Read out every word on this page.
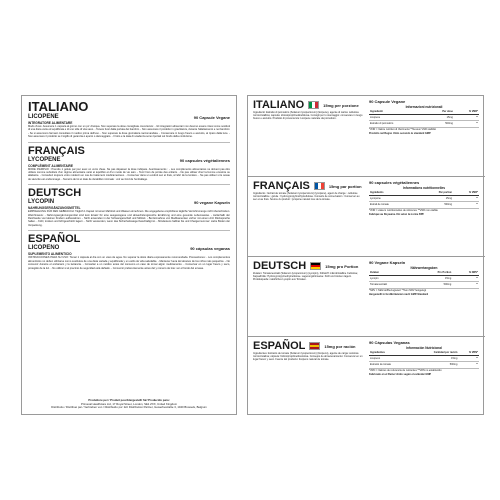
ITALIANO
LICOPENE	90 Capsule Vegane
INTEGRATORE ALIMENTARE

Modo d'uso: Assumere 1 capsula al giorno con un po' d'acqua. Non superare la dose consigliata. Avvertenze: - Gli integratori alimentari non devono essere intesi come sostituti di una dieta varia ed equilibrata e di uno stile di vita sano. - Tenere fuori dalla portata dei bambini. - Non assumere il prodotto in gravidanza, durante l'allattamento e nei bambini. - Se si assumono farmaci consultare il medico prima dell'uso. - Non superare la dose giornaliera raccomandata. - Conservare in luogo fresco e asciutto, al riparo dalla luce. - Non assumere il prodotto se il sigillo di garanzia è aperto o danneggiato. - Il lotto e la data di scadenza sono riportati sul fondo della confezione.

FRANÇAIS
LYCOPENE	90 capsules végétaliennes
COMPLÉMENT ALIMENTAIRE

MODE D'EMPLOI : Prendre 1 gélule par jour avec un verre d'eau. Ne pas dépasser la dose indiquée. Avertissements : - Les compléments alimentaires ne doivent pas être utilisés comme substituts d'un régime alimentaire varié et équilibré et d'un mode de vie sain. - Tenir hors de portée des enfants. - Ne pas utiliser chez la femme enceinte ou allaitante. - Consultez toujours votre médecin en cas de traitement médicamenteux. - Conserver dans un endroit sec et frais, à l'abri de la lumière. - Ne pas utiliser si le sceau de sécurité est endommagé. - Numéro de lot et date de durabilité minimale : voir au fond de l'emballage.

DEUTSCH
LYCOPIN	90 vegane Kapseln
NAHRUNGSERGÄNZUNGSMITTEL

EMPFEHLUNG FÜR DEN GEBRAUCH: Täglich 1 Kapsel mit einer Mahlzeit und Wasser einnehmen. Die angegebene empfohlene tägliche Verzehrsmenge nicht überschreiten. Warnhinweis: - Nahrungsergänzungsmittel sind kein Ersatz für eine ausgewogene und abwechslungsreiche Ernährung und eine gesunde Lebensweise. - Außerhalb der Reichweite von kleinen Kindern aufbewahren. - Nicht anwenden in der Schwangerschaft und Stillzeit. - Bei Einnahme von Medikamenten vorher mit einem Arzt Rücksprache halten. - Kühl, trocken und lichtgeschützt lagern. - Nicht verwenden, wenn das Sicherheitssiegel beschädigt ist. - Mindestens haltbar bis und Chargennummer: siehe Boden der Verpackung.

ESPAÑOL
LICOPENO	90 cápsulas veganas
SUPLEMENTO ALIMENTICIO

INSTRUCCIONES PARA SU USO: Tomar 1 cápsula al día con un vaso de agua. No superar la dosis diaria expresamente recomendada. Precauciones: - Los complementos alimenticios no deben utilizarse como sustitutos de una dieta variada y equilibrada y un estilo de vida saludable. - Mantener fuera del alcance de los niños más pequeños. - No consumir durante el embarazo y la lactancia. - Consultar a un médico antes del consumo en caso de tomar algún medicamento. - Conservar en un lugar fresco y seco, protegido de la luz. - No utilizar si el precinto de seguridad está dañado. - Consumir preferentemente antes del y número de lote: ver el fondo del envase.

Produttore per / Produit pour/Hergestellt für/ Producido para:
Primeval Healthcare Ltd, 17 Royal Street, London, SE1 ZXX, United Kingdom
Distribuito / Distribué par / Vertrieben von / Distribuido por: EU Distribution Partner, Gewerbestraße 3, 1040 Brussels, Belgium
ITALIANO	15mg per porzione

Ingredienti: Estratto di pomodoro (Solanum lycopersicum) (licopene), agente di carica: cellulosa microcristallina; capsula: idrossipropilmetilcellulosa. Consigli per lo stoccaggio: conservare in luogo fresco e asciutto. Prodotto di provenienza: Licopene naturale da pomodoro.

90 Capsule Vegane
Informazioni nutrizionali
Ingredienti	Per dose	% VNR*
Licopene	15mg	**
Estratto di pomodoro	500mg	**
*VNR = Valore nutritivo di riferimento **Nessun VNR stabilito
Prodotto nel Regno Unito secondo le standard GMP
FRANÇAIS	15mg par portion

Ingrédients : Extrait de tomate (Solanum lycopersicum) (lycopène), agent de charge : cellulose microcristalline ; gélule : hydroxypropylméthylcellulose. Conseils de conservation : Conserver au sec et au frais. Source du produit : lycopène naturel issu de la tomate.

90 capsules végétaliennes
Informations nutritionnelles
Ingrédients	Par portion	% VNR*
Lycopène	15mg	**
Extrait de tomate	500mg	**
*VNR = valeurs nutritionnelles de référence **VNR non établie
Fabriqué au Royaume-Uni selon la norme BPF
DEUTSCH	15mg pro Portion

Zutaten: Tomatenextrakt (Solanum lycopersicum) (Lycopin), Füllstoff: mikrokristalline Cellulose; Kapselhülle: Hydroxypropylmethylcellulose. Lagerungshinweise: Kühl und trocken lagern. Produktquelle: natürliches Lycopin aus Tomaten.

90 Vegane Kapseln
Nährwertangaben
Zutaten	Pro Portion	% NRV*
Lycopin	15mg	**
Tomatenextrakt	500mg	**
*NRV = Nährstoffbezugswert **Kein NRV festgelegt
Hergestellt in Großbritannien nach GMP-Standard
ESPAÑOL	15mg por ración

Ingredientes: Extracto de tomate (Solanum lycopersicum) (licopeno), agente de carga: celulosa microcristalina; cápsula: hidroxipropilmetilcelulosa. Consejos de almacenamiento: Conservar en un lugar fresco y seco. Fuente del producto: licopeno natural de tomate.

90 Cápsulas Veganas
Información Nutricional
Ingredientes	Cantidad por ración	% VRN*
Licopeno	15mg	**
Extracto de tomate	500mg	**
*VRN = Valores de referencia de nutrientes **VRN no establecido
Fabricado en el Reino Unido según el estándar GMP
